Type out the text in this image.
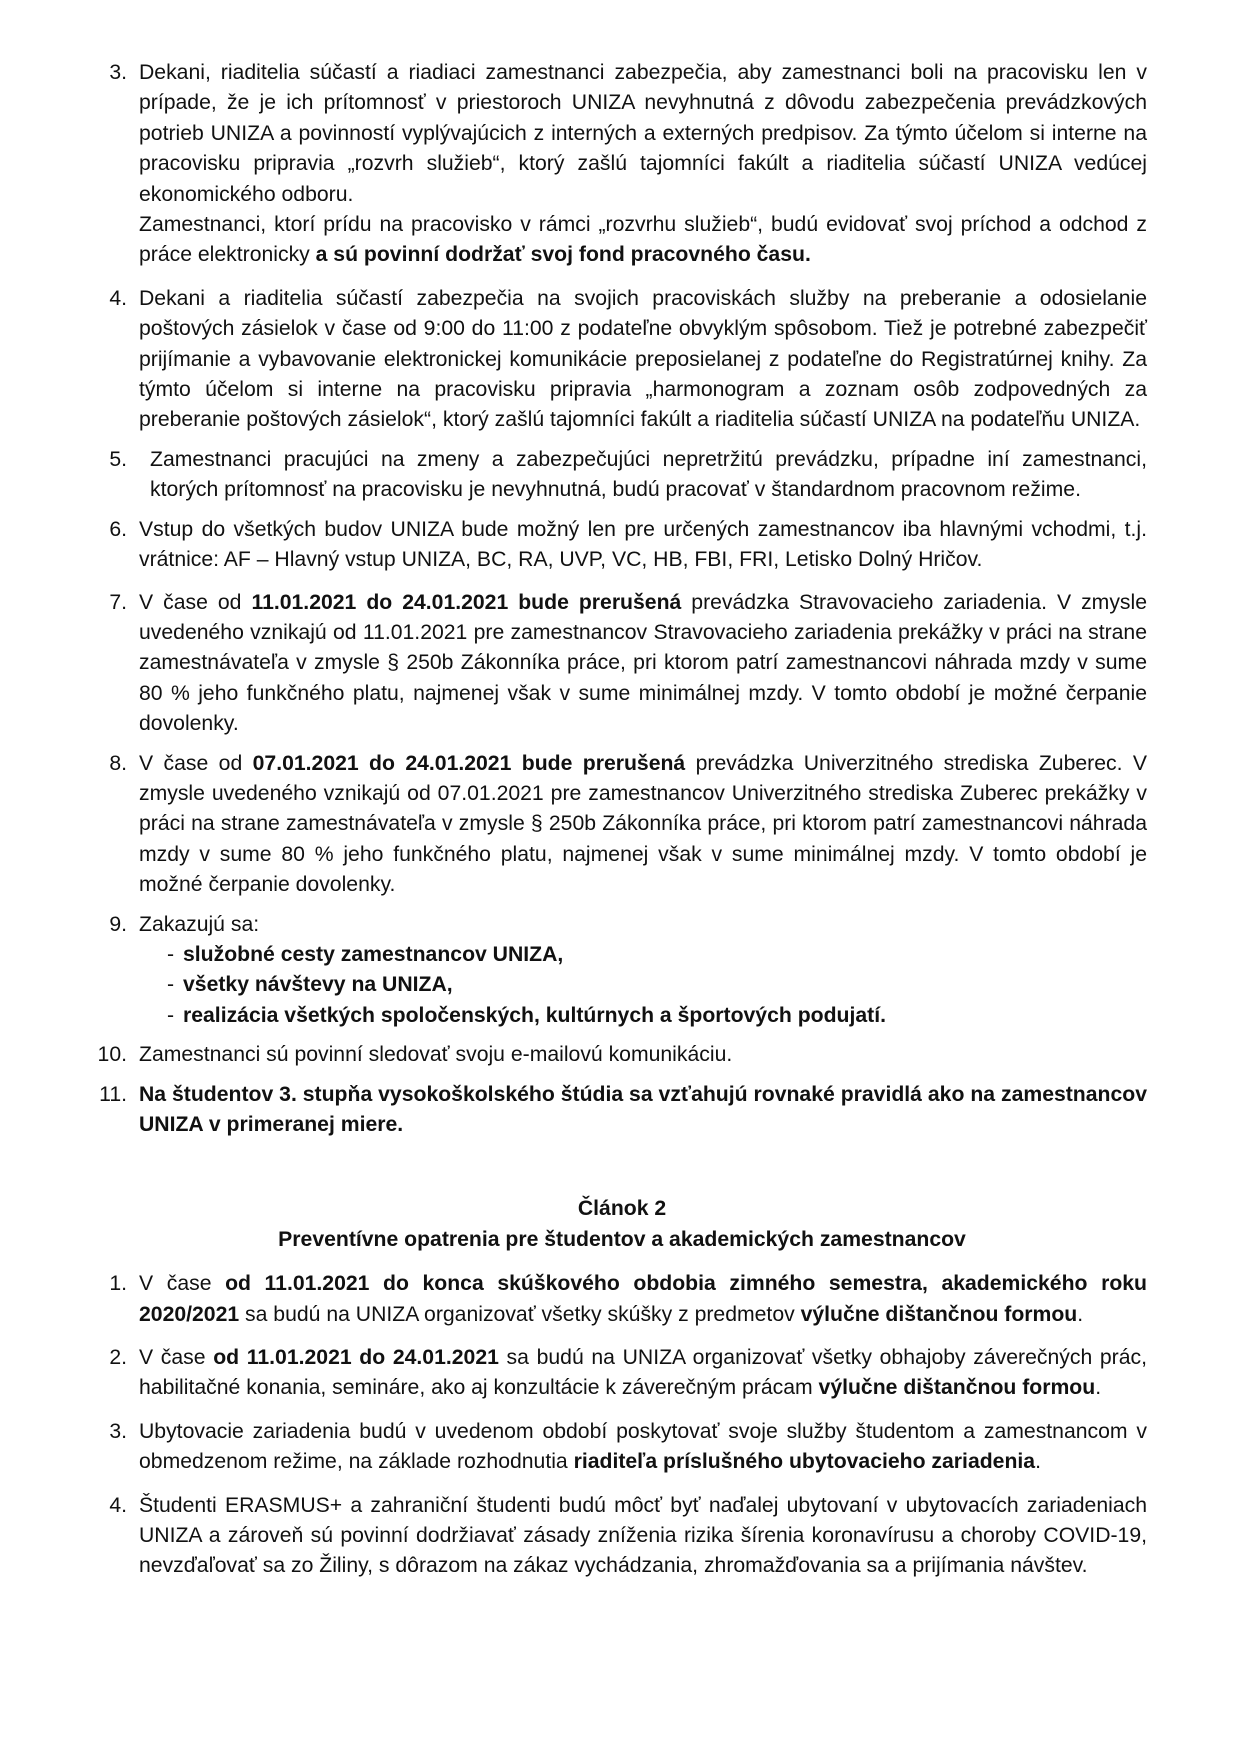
3. Dekani, riaditelia súčastí a riadiaci zamestnanci zabezpečia, aby zamestnanci boli na pracovisku len v prípade, že je ich prítomnosť v priestoroch UNIZA nevyhnutná z dôvodu zabezpečenia prevádzkových potrieb UNIZA a povinností vyplývajúcich z interných a externých predpisov. Za týmto účelom si interne na pracovisku pripravia „rozvrh služieb“, ktorý zašlú tajomníci fakúlt a riaditelia súčastí UNIZA vedúcej ekonomického odboru.

Zamestnanci, ktorí prídu na pracovisko v rámci „rozvrhu služieb“, budú evidovať svoj príchod a odchod z práce elektronicky a sú povinní dodržať svoj fond pracovného času.

4. Dekani a riaditelia súčastí zabezpečia na svojich pracoviskách služby na preberanie a odosielanie poštových zásielok v čase od 9:00 do 11:00 z podateľne obvyklým spôsobom. Tiež je potrebné zabezpečiť prijímanie a vybavovanie elektronickej komunikácie preposielanej z podateľne do Registratúrnej knihy. Za týmto účelom si interne na pracovisku pripravia „harmonogram a zoznam osôb zodpovedných za preberanie poštových zásielok“, ktorý zašlú tajomníci fakúlt a riaditelia súčastí UNIZA na podateľňu UNIZA.

5.	Zamestnanci pracujúci na zmeny a zabezpečujúci nepretržitú prevádzku, prípadne iní zamestnanci, ktorých prítomnosť na pracovisku je nevyhnutná, budú pracovať v štandardnom pracovnom režime.

6. Vstup do všetkých budov UNIZA bude možný len pre určených zamestnancov iba hlavnými vchodmi, t.j. vrátnice: AF – Hlavný vstup UNIZA, BC, RA, UVP, VC, HB, FBI, FRI, Letisko Dolný Hričov.

7. V čase od 11.01.2021 do 24.01.2021 bude prerušená prevádzka Stravovacieho zariadenia. V zmysle uvedeného vznikajú od 11.01.2021 pre zamestnancov Stravovacieho zariadenia prekážky v práci na strane zamestnávateľa v zmysle § 250b Zákonníka práce, pri ktorom patrí zamestnancovi náhrada mzdy v sume 80 % jeho funkčného platu, najmenej však v sume minimálnej mzdy. V tomto období je možné čerpanie dovolenky.

8. V čase od 07.01.2021 do 24.01.2021 bude prerušená prevádzka Univerzitného strediska Zuberec. V zmysle uvedeného vznikajú od 07.01.2021 pre zamestnancov Univerzitného strediska Zuberec prekážky v práci na strane zamestnávateľa v zmysle § 250b Zákonníka práce, pri ktorom patrí zamestnancovi náhrada mzdy v sume 80 % jeho funkčného platu, najmenej však v sume minimálnej mzdy. V tomto období je možné čerpanie dovolenky.

9. Zakazujú sa:

- služobné cesty zamestnancov UNIZA,
- všetky návštevy na UNIZA,
- realizácia všetkých spoločenských, kultúrnych a športových podujatí.
10. Zamestnanci sú povinní sledovať svoju e-mailovú komunikáciu.

11. Na študentov 3. stupňa vysokoškolského štúdia sa vzťahujú rovnaké pravidlá ako na zamestnancov UNIZA v primeranej miere.

Článok 2

Preventívne opatrenia pre študentov a akademických zamestnancov

1. V čase od 11.01.2021 do konca skúškového obdobia zimného semestra, akademického roku 2020/2021 sa budú na UNIZA organizovať všetky skúšky z predmetov výlučne dištančnou formou.

2. V čase od 11.01.2021 do 24.01.2021 sa budú na UNIZA organizovať všetky obhajoby záverečných prác, habilitačné konania, semináre, ako aj konzultácie k záverečným prácam výlučne dištančnou formou.

3. Ubytovacie zariadenia budú v uvedenom období poskytovať svoje služby študentom a zamestnancom v obmedzenom režime, na základe rozhodnutia riaditeľa príslušného ubytovacieho zariadenia.

4. Študenti ERASMUS+ a zahraniční študenti budú môcť byť naďalej ubytovaní v ubytovacích zariadeniach UNIZA a zároveň sú povinní dodržiavať zásady zníženia rizika šírenia koronavírusu a choroby COVID-19, nevzďaľovať sa zo Žiliny, s dôrazom na zákaz vychádzania, zhromažďovania sa a prijímania návštev.
